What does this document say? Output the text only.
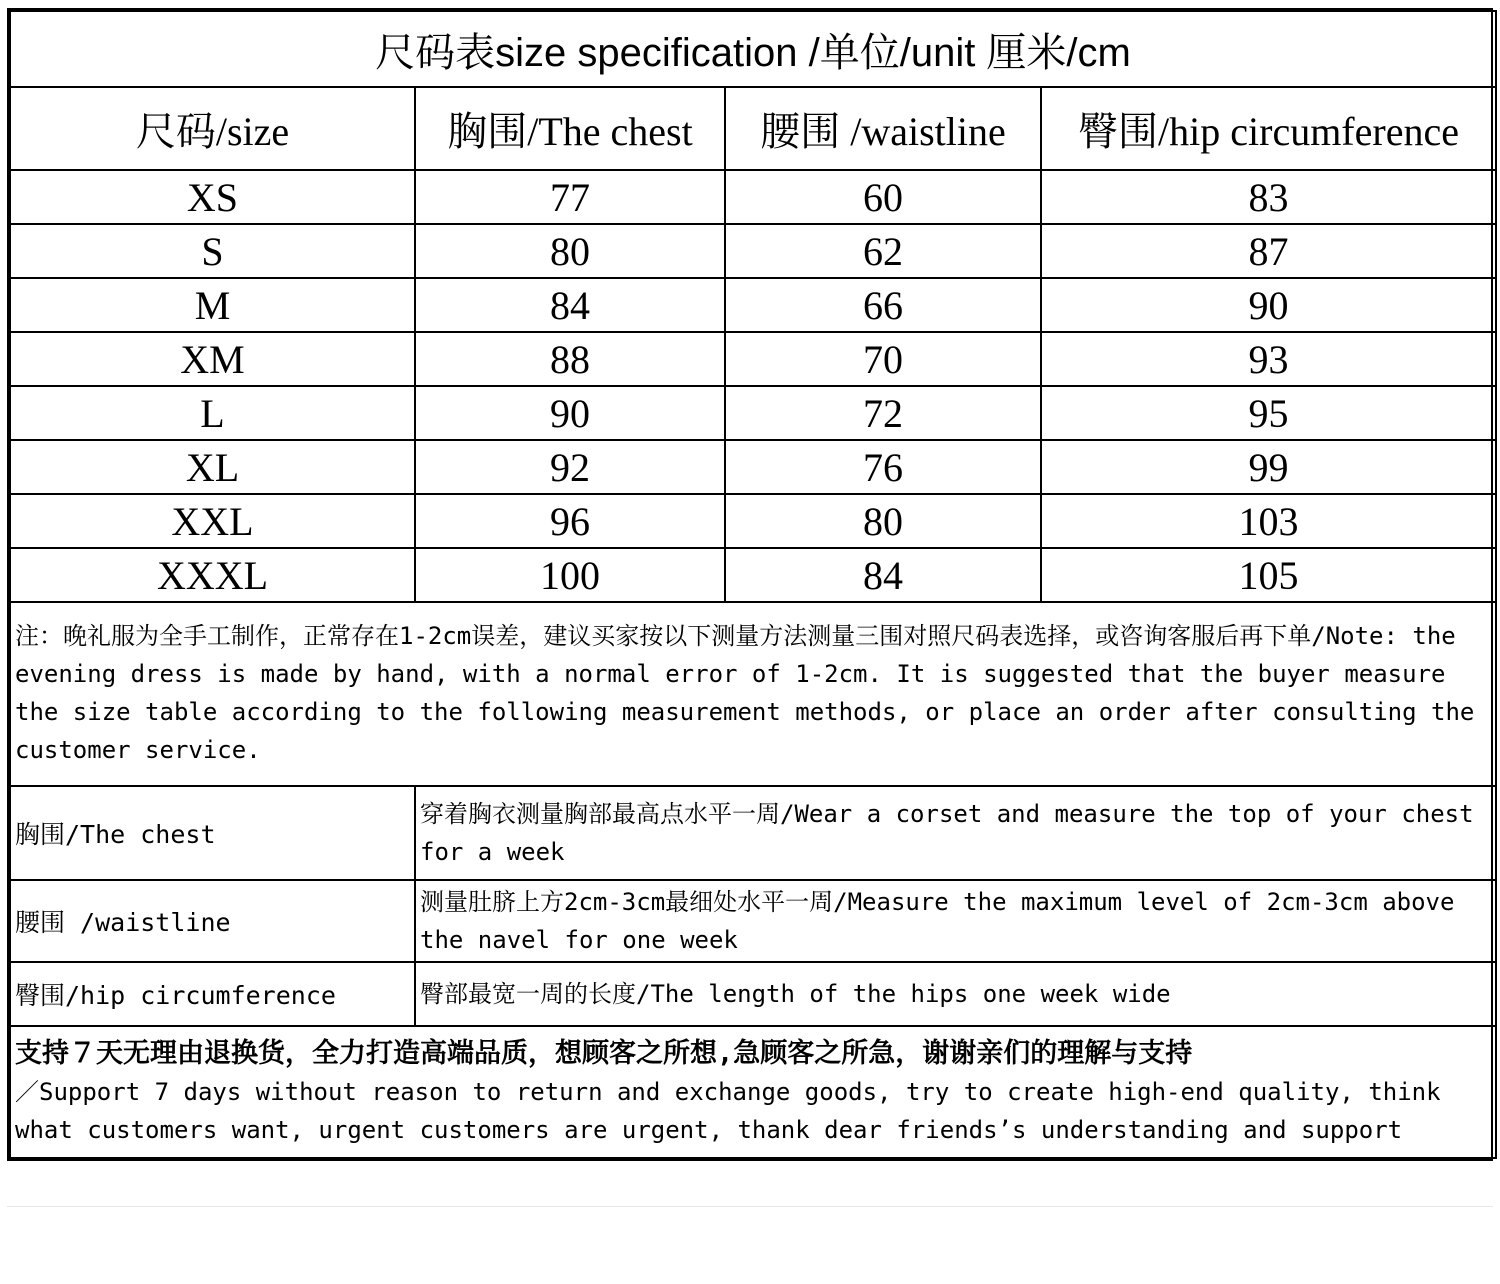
尺码表size specification /单位/unit 厘米/cm			
尺码/size	胸围/The chest	腰围 /waistline	臀围/hip circumference
XS	77	60	83
S	80	62	87
M	84	66	90
XM	88	70	93
L	90	72	95
XL	92	76	99
XXL	96	80	103
XXXL	100	84	105
注：晚礼服为全手工制作，正常存在1-2cm误差，建议买家按以下测量方法测量三围对照尺码表选择，或咨询客服后再下单/Note: the evening dress is made by hand, with a normal error of 1-2cm. It is suggested that the buyer measure the size table according to the following measurement methods, or place an order after consulting the customer service.			
胸围/The chest	穿着胸衣测量胸部最高点水平一周/Wear a corset and measure the top of your chest for a week		
腰围 /waistline	测量肚脐上方2cm-3cm最细处水平一周/Measure the maximum level of 2cm-3cm above the navel for one week		
臀围/hip circumference	臀部最宽一周的长度/The length of the hips one week wide		
支持７天无理由退换货，全力打造高端品质，想顾客之所想,急顾客之所急，谢谢亲们的理解与支持
／Support 7 days without reason to return and exchange goods, try to create high-end quality, think what customers want, urgent customers are urgent, thank dear friends’s understanding and support			
